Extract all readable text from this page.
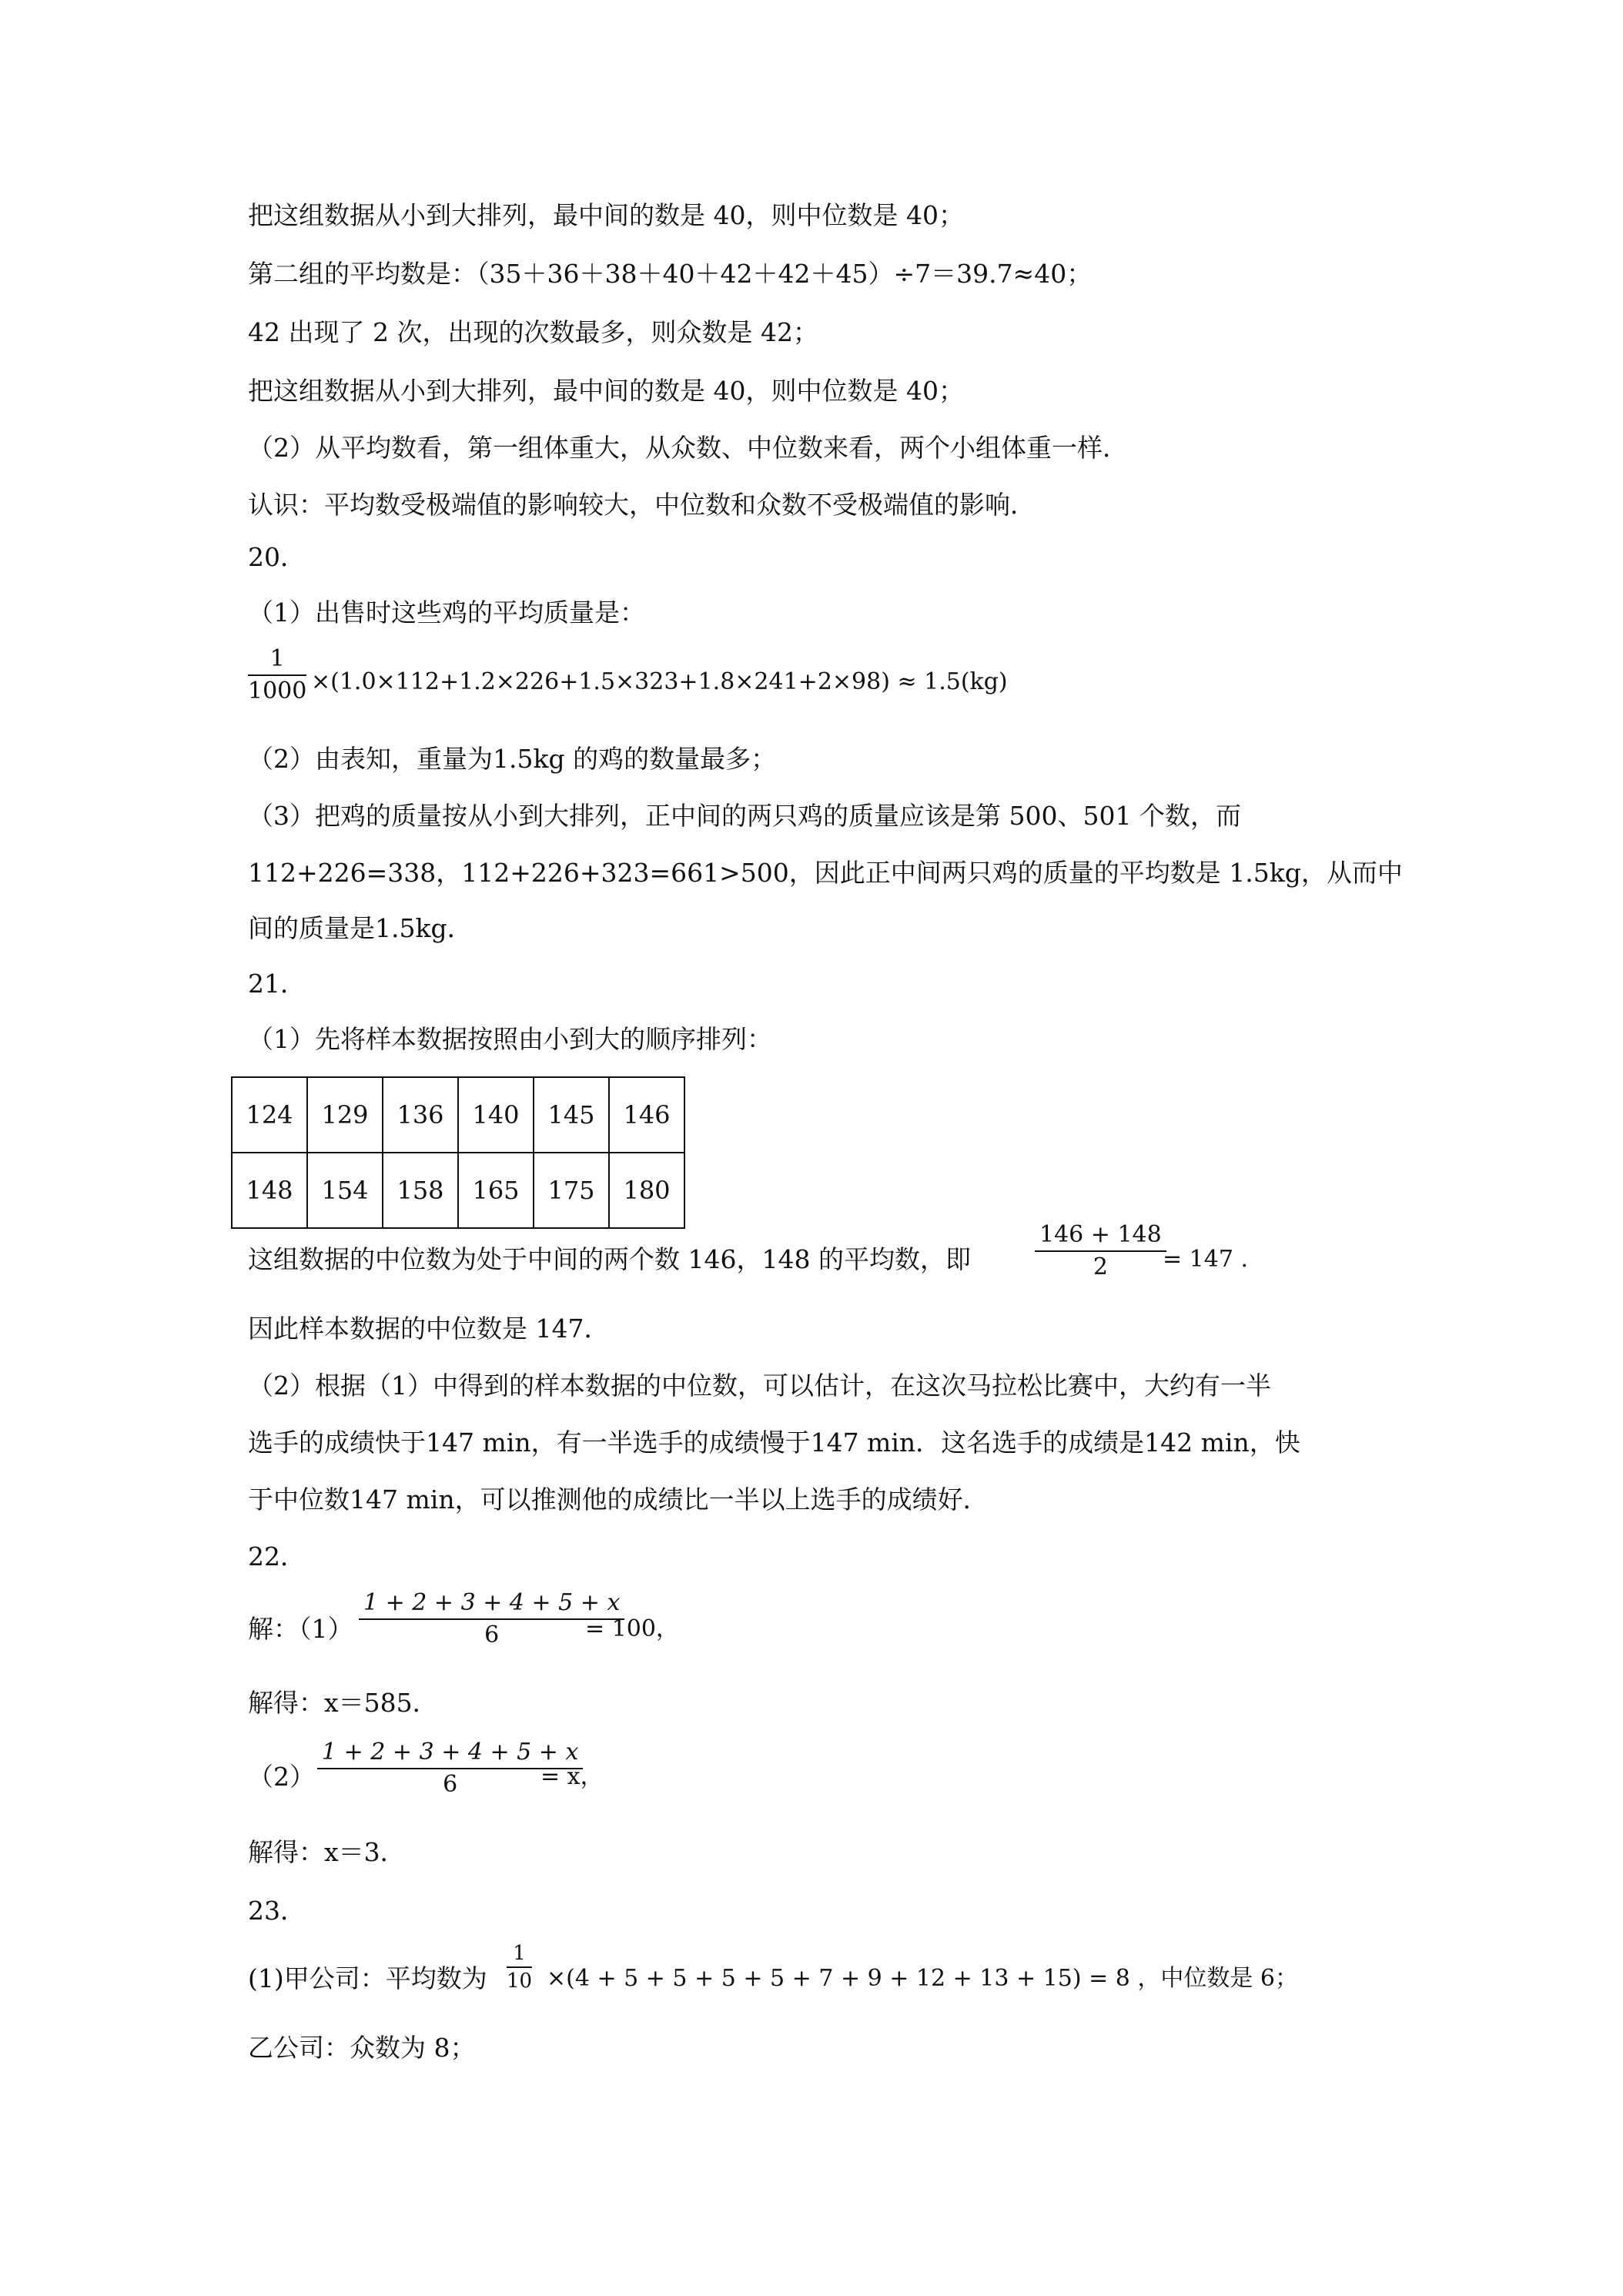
把这组数据从小到大排列，最中间的数是 40，则中位数是 40；
第二组的平均数是：（35＋36＋38＋40＋42＋42＋45）÷7＝39.7≈40；
42 出现了 2 次，出现的次数最多，则众数是 42；
把这组数据从小到大排列，最中间的数是 40，则中位数是 40；
（2）从平均数看，第一组体重大，从众数、中位数来看，两个小组体重一样．
认识：平均数受极端值的影响较大，中位数和众数不受极端值的影响．
20．
（1）出售时这些鸡的平均质量是：
1
1000 ×(1.0×112+1.2×226+1.5×323+1.8×241+2×98) ≈ 1.5(kg)
（2）由表知，重量为1.5kg 的鸡的数量最多；
（3）把鸡的质量按从小到大排列，正中间的两只鸡的质量应该是第 500、501 个数，而
112+226=338，112+226+323=661>500，因此正中间两只鸡的质量的平均数是 1.5kg，从而中
间的质量是1.5kg．
21．
（1）先将样本数据按照由小到大的顺序排列：
124	129	136	140	145	146
148	154	158	165	175	180
这组数据的中位数为处于中间的两个数 146，148 的平均数，即
146 + 148
2	= 147 .
因此样本数据的中位数是 147．
（2）根据（1）中得到的样本数据的中位数，可以估计，在这次马拉松比赛中，大约有一半
选手的成绩快于147 min，有一半选手的成绩慢于147 min．这名选手的成绩是142 min，快
于中位数147 min，可以推测他的成绩比一半以上选手的成绩好．
22．
解：（1）
1 + 2 + 3 + 4 + 5 + x
6	= 100，
解得：x＝585．
（2）
1 + 2 + 3 + 4 + 5 + x
6	= x，
解得：x＝3．
23．
(1)甲公司：平均数为
1
10 ×(4 + 5 + 5 + 5 + 5 + 7 + 9 + 12 + 13 + 15) = 8 ，中位数是 6；
乙公司：众数为 8；
